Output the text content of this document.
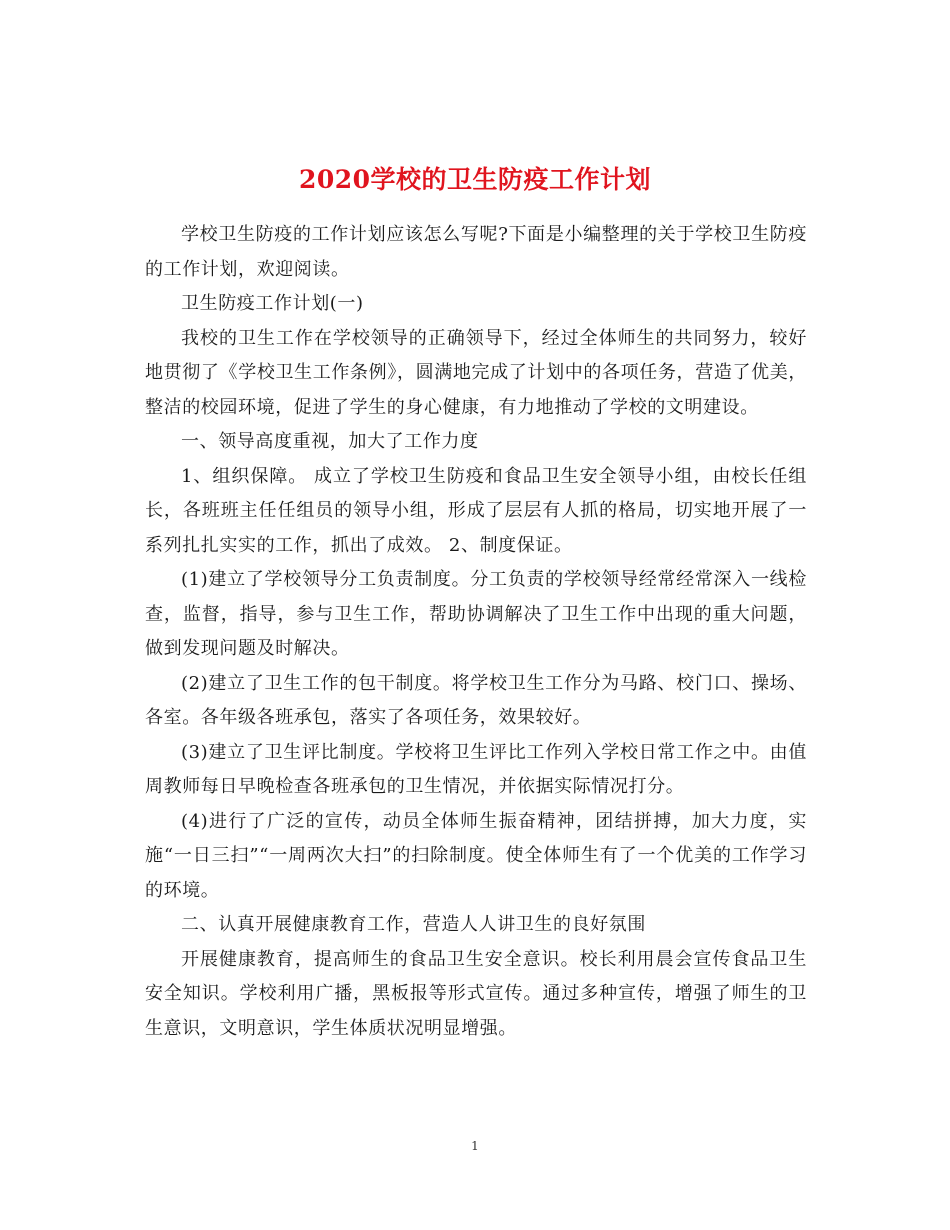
2020学校的卫生防疫工作计划

学校卫生防疫的工作计划应该怎么写呢?下面是小编整理的关于学校卫生防疫的工作计划，欢迎阅读。

卫生防疫工作计划(一)

我校的卫生工作在学校领导的正确领导下，经过全体师生的共同努力，较好地贯彻了《学校卫生工作条例》，圆满地完成了计划中的各项任务，营造了优美，整洁的校园环境，促进了学生的身心健康，有力地推动了学校的文明建设。

一、领导高度重视，加大了工作力度

1、组织保障。 成立了学校卫生防疫和食品卫生安全领导小组，由校长任组长，各班班主任任组员的领导小组，形成了层层有人抓的格局，切实地开展了一系列扎扎实实的工作，抓出了成效。 2、制度保证。

(1)建立了学校领导分工负责制度。分工负责的学校领导经常经常深入一线检查，监督，指导，参与卫生工作，帮助协调解决了卫生工作中出现的重大问题，做到发现问题及时解决。

(2)建立了卫生工作的包干制度。将学校卫生工作分为马路、校门口、操场、各室。各年级各班承包，落实了各项任务，效果较好。

(3)建立了卫生评比制度。学校将卫生评比工作列入学校日常工作之中。由值周教师每日早晚检查各班承包的卫生情况，并依据实际情况打分。

(4)进行了广泛的宣传，动员全体师生振奋精神，团结拼搏，加大力度，实施“一日三扫”“一周两次大扫”的扫除制度。使全体师生有了一个优美的工作学习的环境。

二、认真开展健康教育工作，营造人人讲卫生的良好氛围

开展健康教育，提高师生的食品卫生安全意识。校长利用晨会宣传食品卫生安全知识。学校利用广播，黑板报等形式宣传。通过多种宣传，增强了师生的卫生意识，文明意识，学生体质状况明显增强。

1
